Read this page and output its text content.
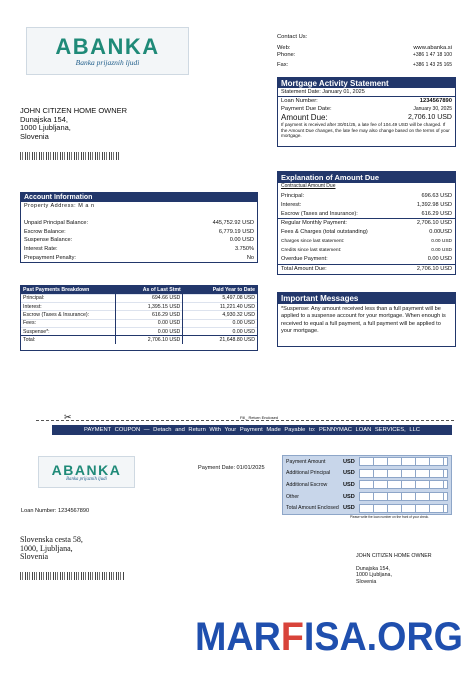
ABANKA
Banka prijaznih ljudi
Contact Us:
Web:	www.abanka.si
Phone:	+386 1 47 18 100
Fax:	+386 1 43 25 165
JOHN CITIZEN HOME OWNER
Dunajska 154,
1000 Ljubljana,
Slovenia
Mortgage Activity Statement
Statement Date: January 01, 2025
Loan Number:	1234567890
Payment Due Date:	January 30, 2025
Amount Due:	2,706.10 USD
If payment is received after 30/01/25, a late fee of 104.49 USD will be charged. If the Amount Due changes, the late fee may also change based on the terms of your mortgage.
Account Information
Property Address: M a n
Unpaid Principal Balance:	445,752.92 USD
Escrow Balance:	6,779.19 USD
Suspense Balance:	0.00 USD
Interest Rate:	3.750%
Prepayment Penalty:	No
Explanation of Amount Due
Contractual Amount Due
Principal:	696.63 USD
Interest:	1,392.98 USD
Escrow (Taxes and Insurance):	616.29 USD
Regular Monthly Payment:	2,706.10 USD
Fees & Charges (total outstanding)	0.00USD
Charges since last statement:	0.00 USD
Credits since last statement:	0.00 USD
Overdue Payment:	0.00 USD
Total Amount Due:	2,706.10 USD
Past Payments Breakdown	As of Last Stmt	Paid Year to Date
Principal:	694.66 USD	5,497.08 USD
Interest:	1,395.15 USD	11,221.40 USD
Escrow (Taxes & Insurance):	616.29 USD	4,930.32 USD
Fees:	0.00 USD	0.00 USD
Suspense*:	0.00 USD	0.00 USD
Total:	2,706.10 USD	21,648.80 USD
Important Messages
*Suspense: Any amount received less than a full payment will be applied to a suspense account for your mortgage. When enough is received to equal a full payment, a full payment will be applied to your mortgage.
✂	Fill_ Return Enclosed
PAYMENT COUPON — Detach and Return With Your Payment Made Payable to: PENNYMAC LOAN SERVICES, LLC
ABANKA
Banka prijaznih ljudi
Payment Date: 01/01/2025
Payment Amount	USD
Additional Principal	USD
Additional Escrow	USD
Other	USD
Total Amount Enclosed USD
Please write the loan number on the front of your check.
Loan Number: 1234567890
Slovenska cesta 58,
1000, Ljubljana,
Slovenia	JOHN CITIZEN HOME OWNER
Dunajska 154,
1000 Ljubljana,
Slovenia
MARFISA.ORG
